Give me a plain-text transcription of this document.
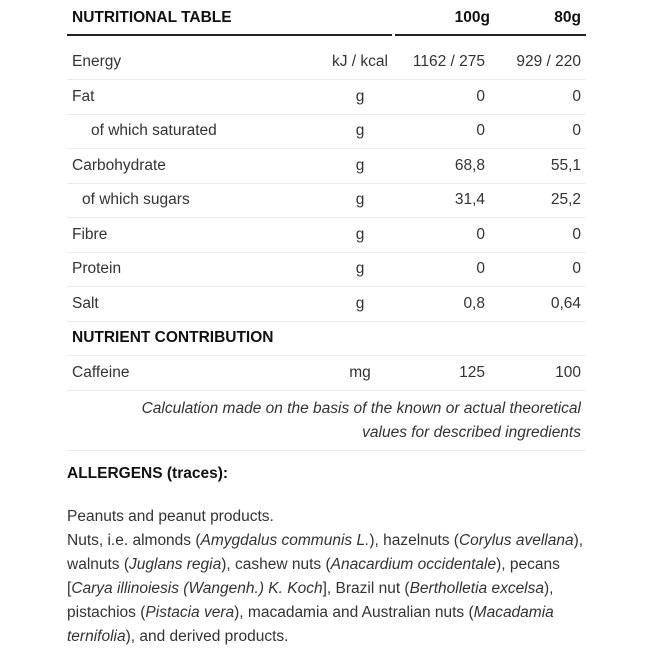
NUTRITIONAL TABLE		100g	80g

Energy	kJ / kcal	1162 / 275	929 / 220
Fat	g	0	0
of which saturated	g	0	0
Carbohydrate	g	68,8	55,1
of which sugars	g	31,4	25,2
Fibre	g	0	0
Protein	g	0	0
Salt	g	0,8	0,64
NUTRIENT CONTRIBUTION			
Caffeine	mg	125	100
Calculation made on the basis of the known or actual theoretical
values for described ingredients			
ALLERGENS (traces):

Peanuts and peanut products.
Nuts, i.e. almonds (Amygdalus communis L.), hazelnuts (Corylus avellana), walnuts (Juglans regia), cashew nuts (Anacardium occidentale), pecans [Carya illinoiesis (Wangenh.) K. Koch], Brazil nut (Bertholletia excelsa), pistachios (Pistacia vera), macadamia and Australian nuts (Macadamia ternifolia), and derived products.
